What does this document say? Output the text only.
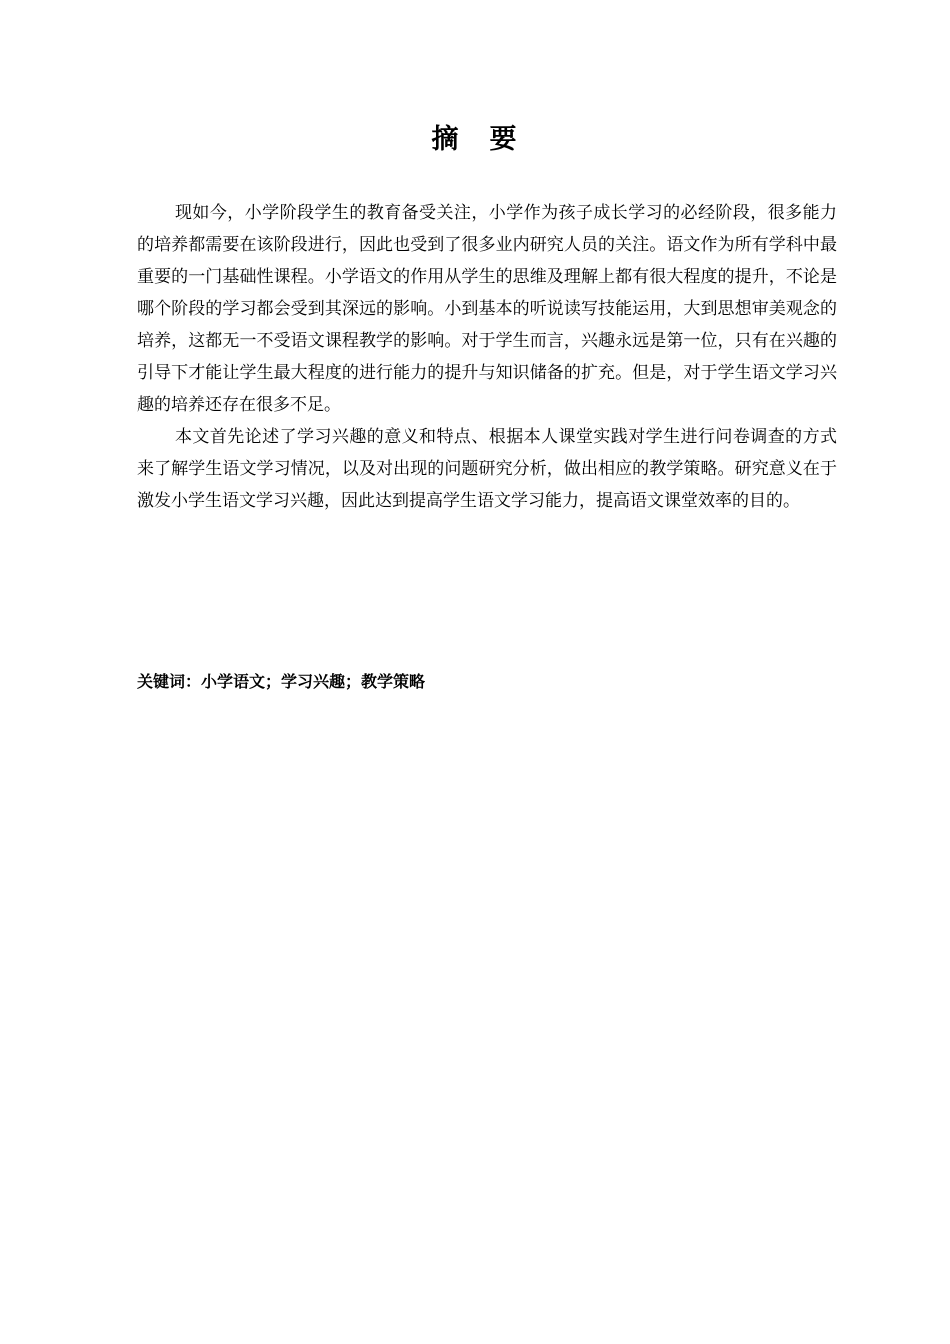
摘　要

现如今，小学阶段学生的教育备受关注，小学作为孩子成长学习的必经阶段，很多能力的培养都需要在该阶段进行，因此也受到了很多业内研究人员的关注。语文作为所有学科中最重要的一门基础性课程。小学语文的作用从学生的思维及理解上都有很大程度的提升，不论是哪个阶段的学习都会受到其深远的影响。小到基本的听说读写技能运用，大到思想审美观念的培养，这都无一不受语文课程教学的影响。对于学生而言，兴趣永远是第一位，只有在兴趣的引导下才能让学生最大程度的进行能力的提升与知识储备的扩充。但是，对于学生语文学习兴趣的培养还存在很多不足。

本文首先论述了学习兴趣的意义和特点、根据本人课堂实践对学生进行问卷调查的方式来了解学生语文学习情况，以及对出现的问题研究分析，做出相应的教学策略。研究意义在于激发小学生语文学习兴趣，因此达到提高学生语文学习能力，提高语文课堂效率的目的。

关键词：小学语文；学习兴趣；教学策略
